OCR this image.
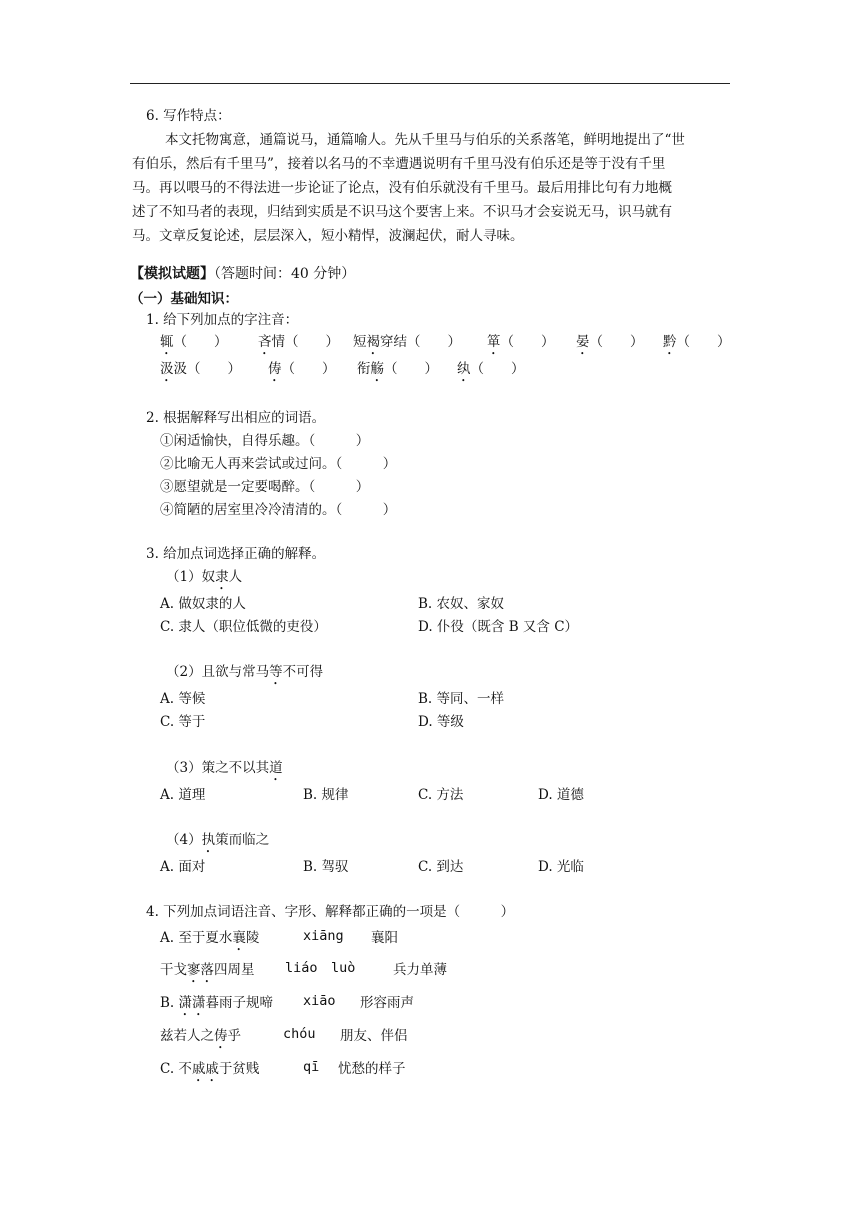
6. 写作特点：
本文托物寓意，通篇说马，通篇喻人。先从千里马与伯乐的关系落笔，鲜明地提出了“世
有伯乐，然后有千里马”，接着以名马的不幸遭遇说明有千里马没有伯乐还是等于没有千里
马。再以喂马的不得法进一步论证了论点，没有伯乐就没有千里马。最后用排比句有力地概
述了不知马者的表现，归结到实质是不识马这个要害上来。不识马才会妄说无马，识马就有
马。文章反复论述，层层深入，短小精悍，波澜起伏，耐人寻味。
【模拟试题】（答题时间：40 分钟）
（一）基础知识：
1. 给下列加点的字注音：
辄（　　） 吝情（　　） 短褐穿结（　　） 箪（　　） 晏（　　） 黔（　　）
汲汲（　　） 俦（　　） 衔觞（　　） 纨（　　）
2. 根据解释写出相应的词语。
①闲适愉快，自得乐趣。（　　　）
②比喻无人再来尝试或过问。（　　　）
③愿望就是一定要喝醉。（　　　）
④简陋的居室里冷冷清清的。（　　　）
3. 给加点词选择正确的解释。
（1）奴隶人
A. 做奴隶的人	B. 农奴、家奴
C. 隶人（职位低微的吏役）	D. 仆役（既含 B 又含 C）
（2）且欲与常马等不可得
A. 等候	B. 等同、一样
C. 等于	D. 等级
（3）策之不以其道
A. 道理	B. 规律	C. 方法	D. 道德
（4）执策而临之
A. 面对	B. 驾驭	C. 到达	D. 光临
4. 下列加点词语注音、字形、解释都正确的一项是（　　　）
A. 至于夏水襄陵	xiāng 襄阳
干戈寥落四周星 liáo　luò	兵力单薄
B. 潇潇暮雨子规啼 xiāo 形容雨声
兹若人之俦乎	chóu 朋友、伴侣
C. 不戚戚于贫贱	qī 忧愁的样子
